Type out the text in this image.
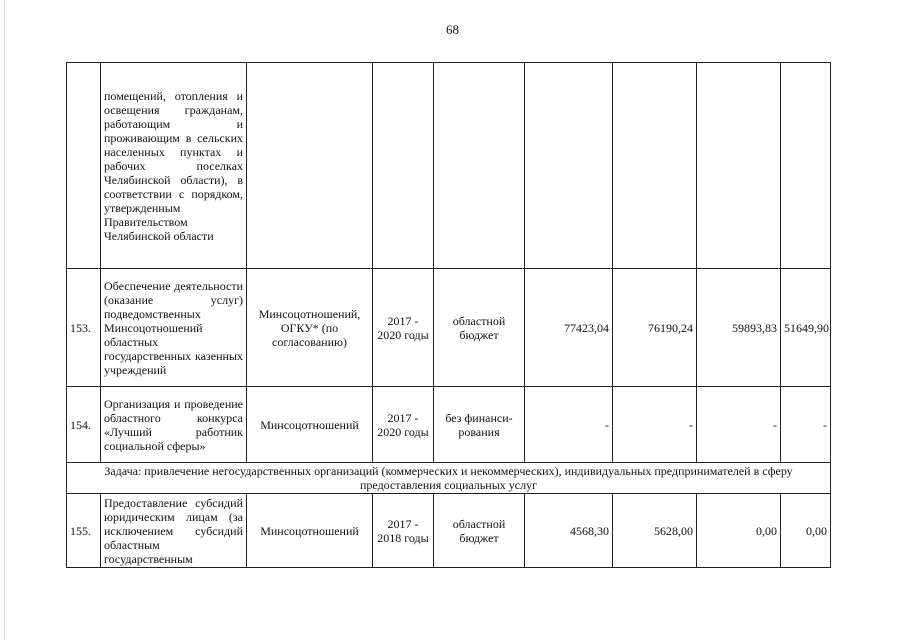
68
	помещений, отопления и освещения гражданам, работающим и проживающим в сельских населенных пунктах и рабочих поселках Челябинской области), в соответствии с порядком, утвержденным Правительством Челябинской области							
153.	Обеспечение деятельности (оказание услуг) подведомственных Минсоцотношений областных государственных казенных учреждений	Минсоцотношений, ОГКУ* (по согласованию)	2017 - 2020 годы	областной бюджет	77423,04	76190,24	59893,83	51649,90
154.	Организация и проведение областного конкурса «Лучший работник социальной сферы»	Минсоцотношений	2017 - 2020 годы	без финанси-рования	-	-	-	-
Задача: привлечение негосударственных организаций (коммерческих и некоммерческих), индивидуальных предпринимателей в сферу предоставления социальных услуг								
155.	Предоставление субсидий юридическим лицам (за исключением субсидий областным государственным	Минсоцотношений	2017 - 2018 годы	областной бюджет	4568,30	5628,00	0,00	0,00
